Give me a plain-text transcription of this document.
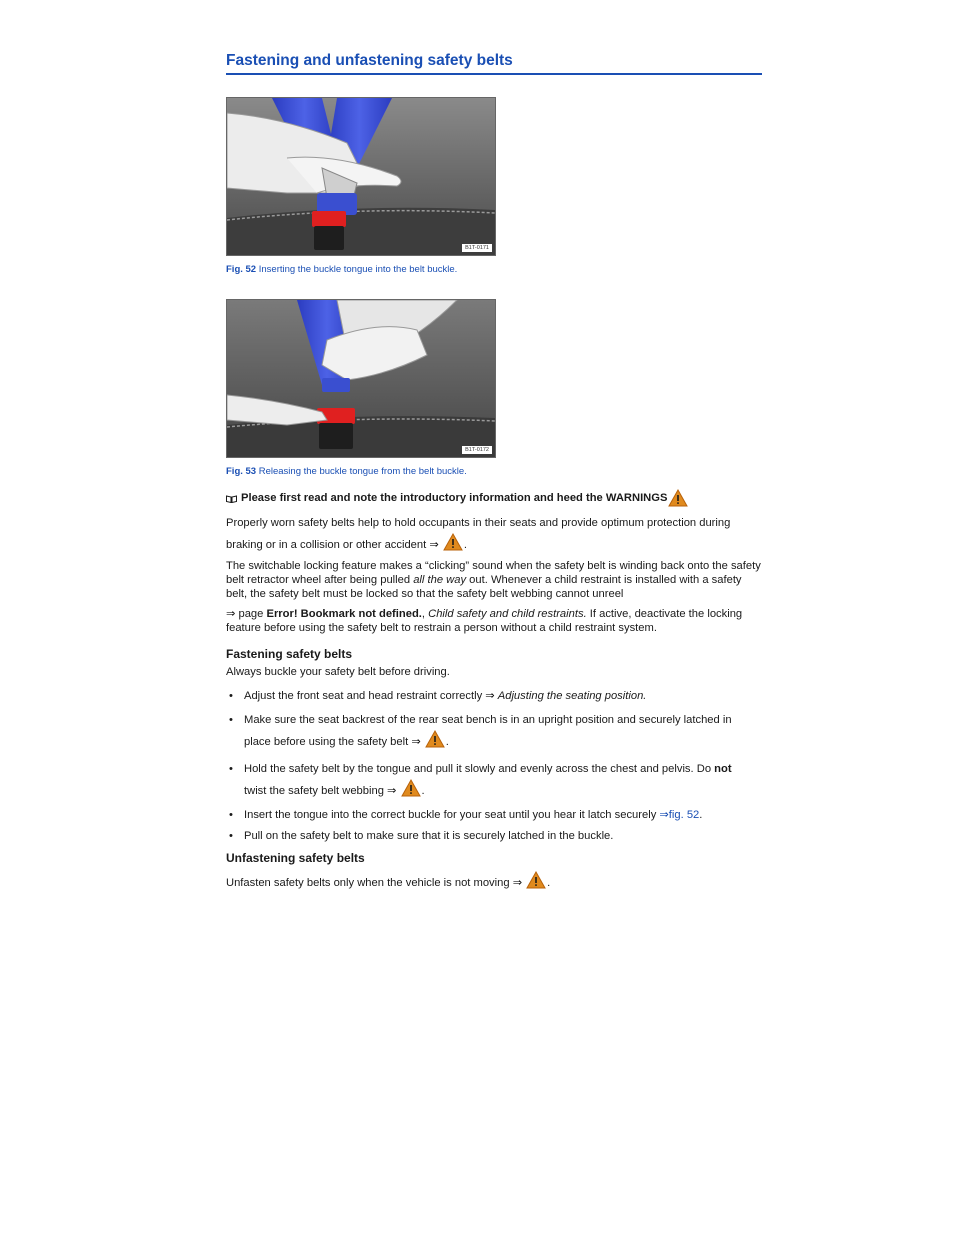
Fastening and unfastening safety belts
B1T-0171
Fig. 52 Inserting the buckle tongue into the belt buckle.
B1T-0172
Fig. 53 Releasing the buckle tongue from the belt buckle.
Please first read and note the introductory information and heed the WARNINGS

Properly worn safety belts help to hold occupants in their seats and provide optimum protection during
braking or in a collision or other accident ⇒ .

The switchable locking feature makes a “clicking” sound when the safety belt is winding back onto the safety belt retractor wheel after being pulled all the way out. Whenever a child restraint is installed with a safety belt, the safety belt must be locked so that the safety belt webbing cannot unreel

⇒ page Error! Bookmark not defined., Child safety and child restraints. If active, deactivate the locking feature before using the safety belt to restrain a person without a child restraint system.

Fastening safety belts

Always buckle your safety belt before driving.

• Adjust the front seat and head restraint correctly ⇒ Adjusting the seating position.
• Make sure the seat backrest of the rear seat bench is in an upright position and securely latched in
place before using the safety belt ⇒ .
• Hold the safety belt by the tongue and pull it slowly and evenly across the chest and pelvis. Do not
twist the safety belt webbing ⇒ .
• Insert the tongue into the correct buckle for your seat until you hear it latch securely ⇒fig. 52.
• Pull on the safety belt to make sure that it is securely latched in the buckle.
Unfastening safety belts

Unfasten safety belts only when the vehicle is not moving ⇒ .
